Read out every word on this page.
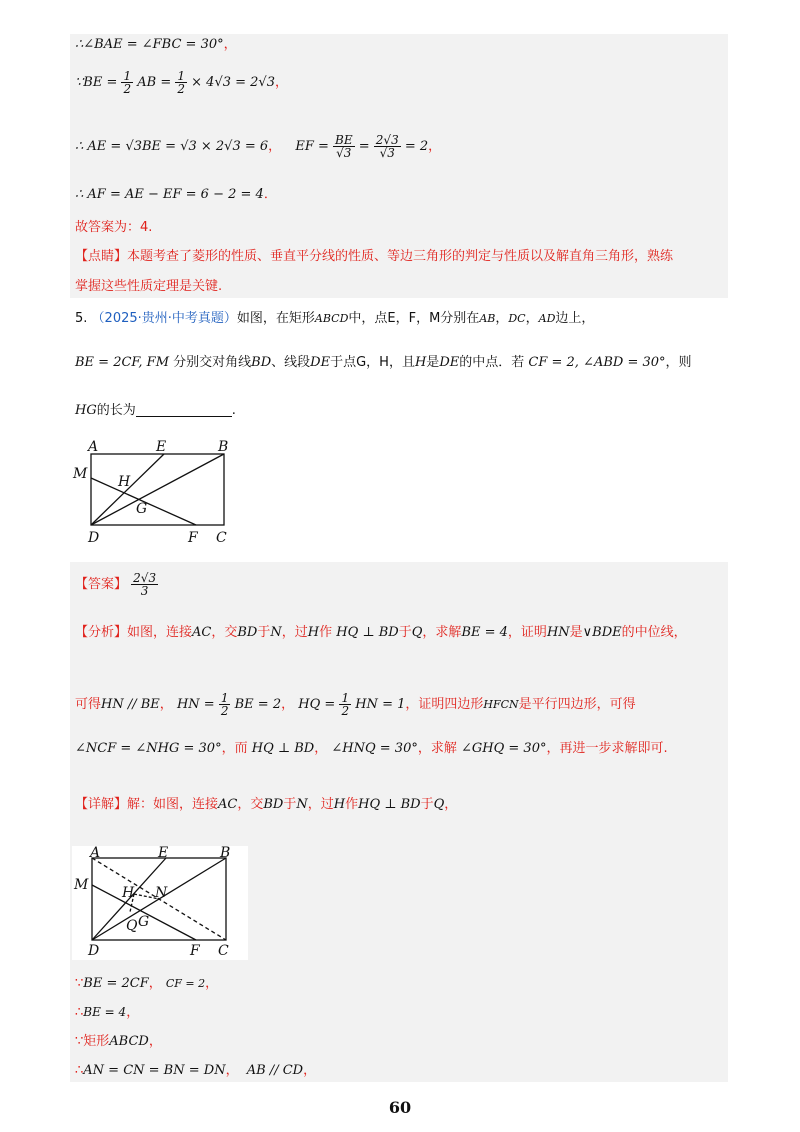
∴∠BAE = ∠FBC = 30°，
∵BE = $\frac{1}{2}$ AB = $\frac{1}{2} \times 4√3 = 2√3$，
∴ AE = √3BE = √3 × 2√3 = 6， EF = $\frac{BE}{√3} = \frac{2√3}{√3} = 2$，
∴ AF = AE − EF = 6 − 2 = 4．
故答案为：4.
【点睛】本题考查了菱形的性质、垂直平分线的性质、等边三角形的判定与性质以及解直角三角形，熟练
掌握这些性质定理是关键.
5. （2025·贵州·中考真题）如图，在矩形ABCD中，点E，F，M分别在AB，DC，AD边上，
BE = 2CF, FM 分别交对角线BD、线段DE于点G，H，且H是DE的中点．若 CF = 2, ∠ABD = 30°，则
HG的长为	.
A	E	B
M H
G
D	F C
【答案】 $\frac{2√3}{3}$
【分析】如图，连接AC，交BD于N，过H作 HQ ⊥ BD于Q，求解BE = 4，证明HN是∨BDE的中位线，
可得HN // BE， HN = $\frac{1}{2}$ BE = 2， HQ = $\frac{1}{2}$ HN = 1，证明四边形HFCN是平行四边形，可得
∠NCF = ∠NHG = 30°，而 HQ ⊥ BD， ∠HNQ = 30°，求解 ∠GHQ = 30°，再进一步求解即可.
【详解】解：如图，连接AC，交BD于N，过H作HQ ⊥ BD于Q，
A	E	B
M H N
Q G
D	F C
∵BE = 2CF， CF = 2，
∴BE = 4，
∵矩形ABCD，
∴AN = CN = BN = DN， AB // CD，
60
